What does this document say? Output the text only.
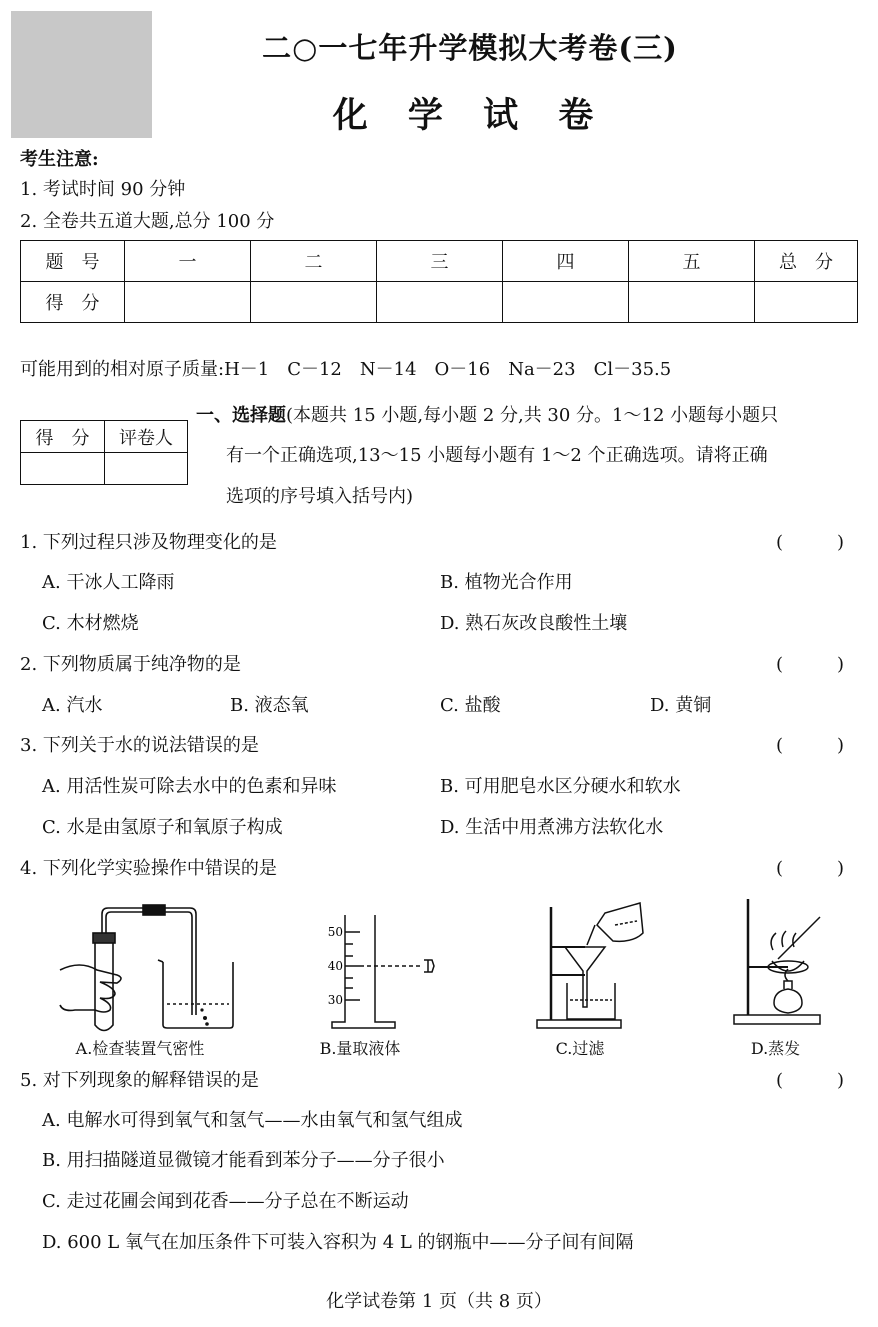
二○一七年升学模拟大考卷(三)
化 学 试 卷
考生注意:
1. 考试时间 90 分钟
2. 全卷共五道大题,总分 100 分
题　号	一	二	三	四	五	总　分
得　分						
可能用到的相对原子质量:H－1　C－12　N－14　O－16　Na－23　Cl－35.5
得　分	评卷人

一、选择题(本题共 15 小题,每小题 2 分,共 30 分。1～12 小题每小题只
有一个正确选项,13～15 小题每小题有 1～2 个正确选项。请将正确
选项的序号填入括号内)
1. 下列过程只涉及物理变化的是	(　　　)
A. 干冰人工降雨	B. 植物光合作用
C. 木材燃烧	D. 熟石灰改良酸性土壤
2. 下列物质属于纯净物的是	(　　　)
A. 汽水	B. 液态氧	C. 盐酸	D. 黄铜
3. 下列关于水的说法错误的是	(　　　)
A. 用活性炭可除去水中的色素和异味	B. 可用肥皂水区分硬水和软水
C. 水是由氢原子和氧原子构成	D. 生活中用煮沸方法软化水
4. 下列化学实验操作中错误的是	(　　　)
A.检查装置气密性
50
40
30
B.量取液体	C.过滤	D.蒸发
5. 对下列现象的解释错误的是	(　　　)
A. 电解水可得到氧气和氢气——水由氧气和氢气组成
B. 用扫描隧道显微镜才能看到苯分子——分子很小
C. 走过花圃会闻到花香——分子总在不断运动
D. 600 L 氧气在加压条件下可装入容积为 4 L 的钢瓶中——分子间有间隔
化学试卷第 1 页（共 8 页）
